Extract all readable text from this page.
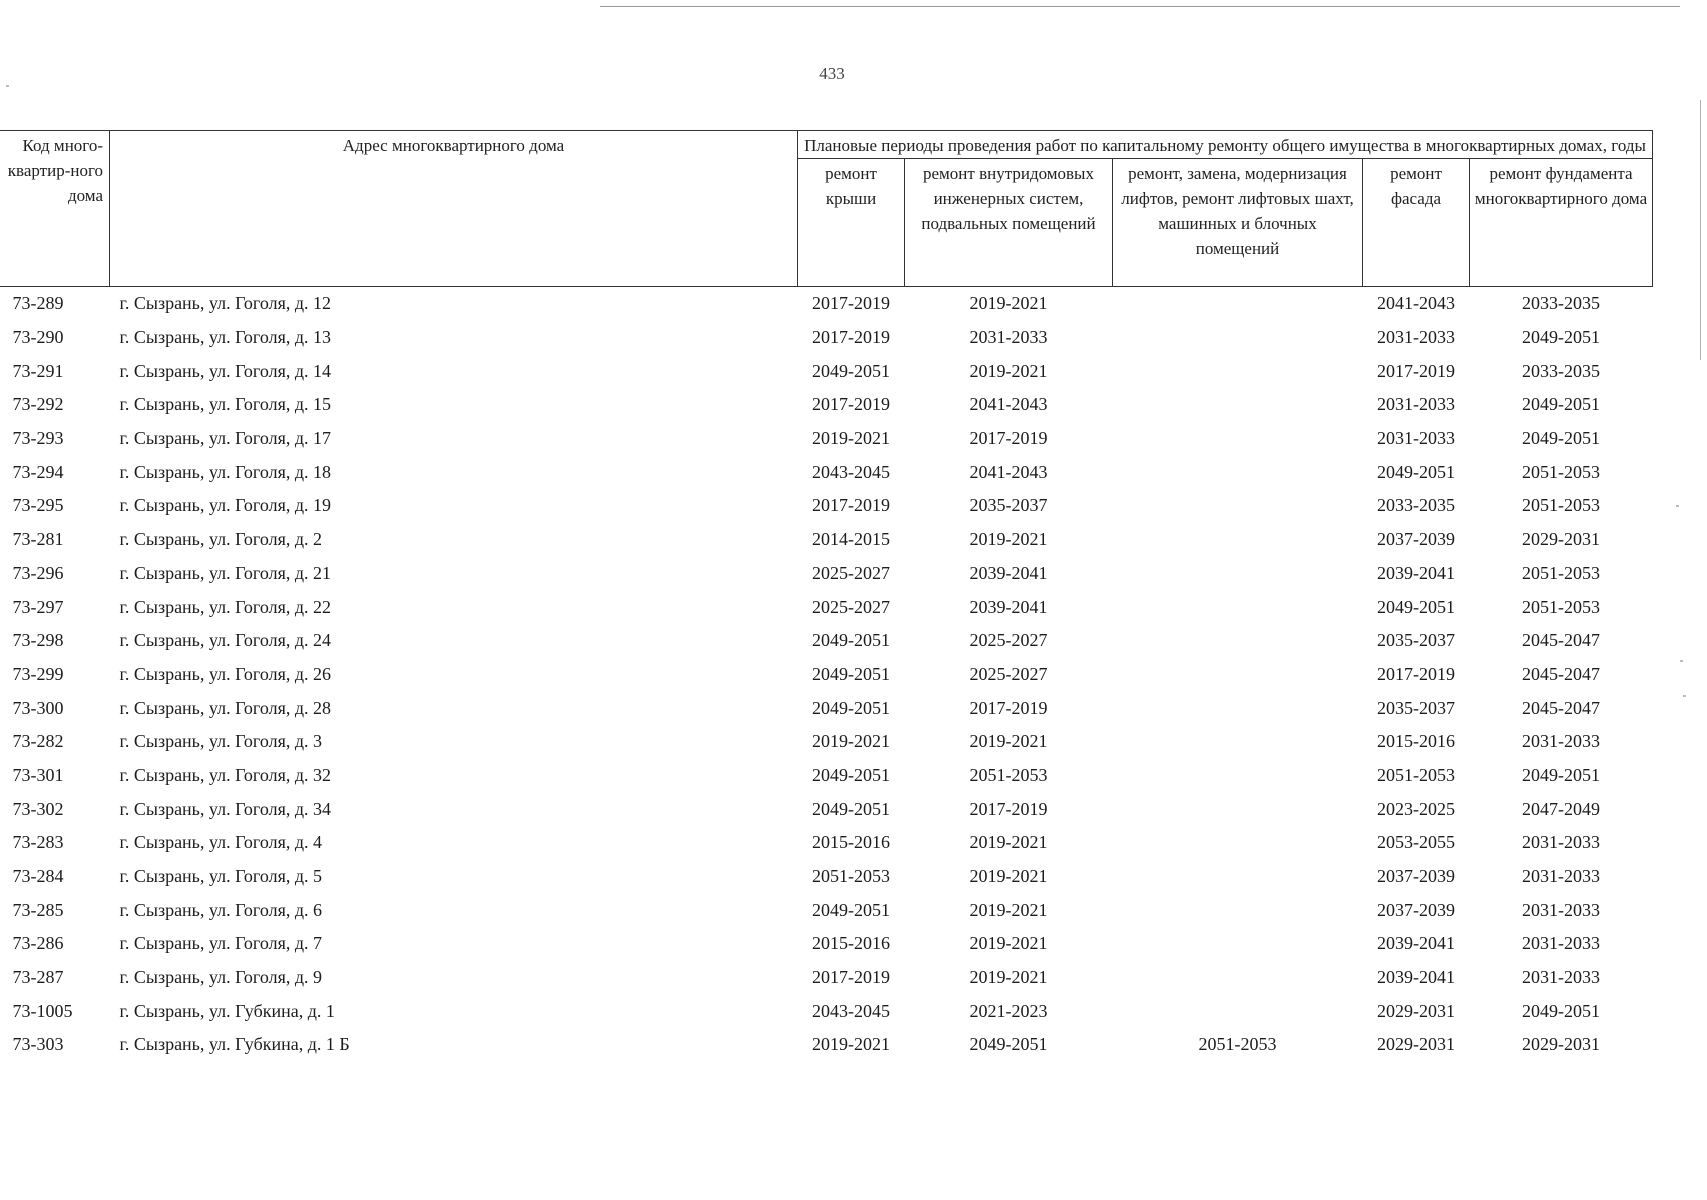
433
Код много-квартир-ного дома	Адрес многоквартирного дома	Плановые периоды проведения работ по капитальному ремонту общего имущества в многоквартирных домах, годы				
		ремонт крыши	ремонт внутридомовых инженерных систем, подвальных помещений	ремонт, замена, модернизация лифтов, ремонт лифтовых шахт, машинных и блочных помещений	ремонт фасада	ремонт фундамента многоквартирного дома
73-289	г. Сызрань, ул. Гоголя, д. 12	2017-2019	2019-2021		2041-2043	2033-2035
73-290	г. Сызрань, ул. Гоголя, д. 13	2017-2019	2031-2033		2031-2033	2049-2051
73-291	г. Сызрань, ул. Гоголя, д. 14	2049-2051	2019-2021		2017-2019	2033-2035
73-292	г. Сызрань, ул. Гоголя, д. 15	2017-2019	2041-2043		2031-2033	2049-2051
73-293	г. Сызрань, ул. Гоголя, д. 17	2019-2021	2017-2019		2031-2033	2049-2051
73-294	г. Сызрань, ул. Гоголя, д. 18	2043-2045	2041-2043		2049-2051	2051-2053
73-295	г. Сызрань, ул. Гоголя, д. 19	2017-2019	2035-2037		2033-2035	2051-2053
73-281	г. Сызрань, ул. Гоголя, д. 2	2014-2015	2019-2021		2037-2039	2029-2031
73-296	г. Сызрань, ул. Гоголя, д. 21	2025-2027	2039-2041		2039-2041	2051-2053
73-297	г. Сызрань, ул. Гоголя, д. 22	2025-2027	2039-2041		2049-2051	2051-2053
73-298	г. Сызрань, ул. Гоголя, д. 24	2049-2051	2025-2027		2035-2037	2045-2047
73-299	г. Сызрань, ул. Гоголя, д. 26	2049-2051	2025-2027		2017-2019	2045-2047
73-300	г. Сызрань, ул. Гоголя, д. 28	2049-2051	2017-2019		2035-2037	2045-2047
73-282	г. Сызрань, ул. Гоголя, д. 3	2019-2021	2019-2021		2015-2016	2031-2033
73-301	г. Сызрань, ул. Гоголя, д. 32	2049-2051	2051-2053		2051-2053	2049-2051
73-302	г. Сызрань, ул. Гоголя, д. 34	2049-2051	2017-2019		2023-2025	2047-2049
73-283	г. Сызрань, ул. Гоголя, д. 4	2015-2016	2019-2021		2053-2055	2031-2033
73-284	г. Сызрань, ул. Гоголя, д. 5	2051-2053	2019-2021		2037-2039	2031-2033
73-285	г. Сызрань, ул. Гоголя, д. 6	2049-2051	2019-2021		2037-2039	2031-2033
73-286	г. Сызрань, ул. Гоголя, д. 7	2015-2016	2019-2021		2039-2041	2031-2033
73-287	г. Сызрань, ул. Гоголя, д. 9	2017-2019	2019-2021		2039-2041	2031-2033
73-1005	г. Сызрань, ул. Губкина, д. 1	2043-2045	2021-2023		2029-2031	2049-2051
73-303	г. Сызрань, ул. Губкина, д. 1 Б	2019-2021	2049-2051	2051-2053	2029-2031	2029-2031
